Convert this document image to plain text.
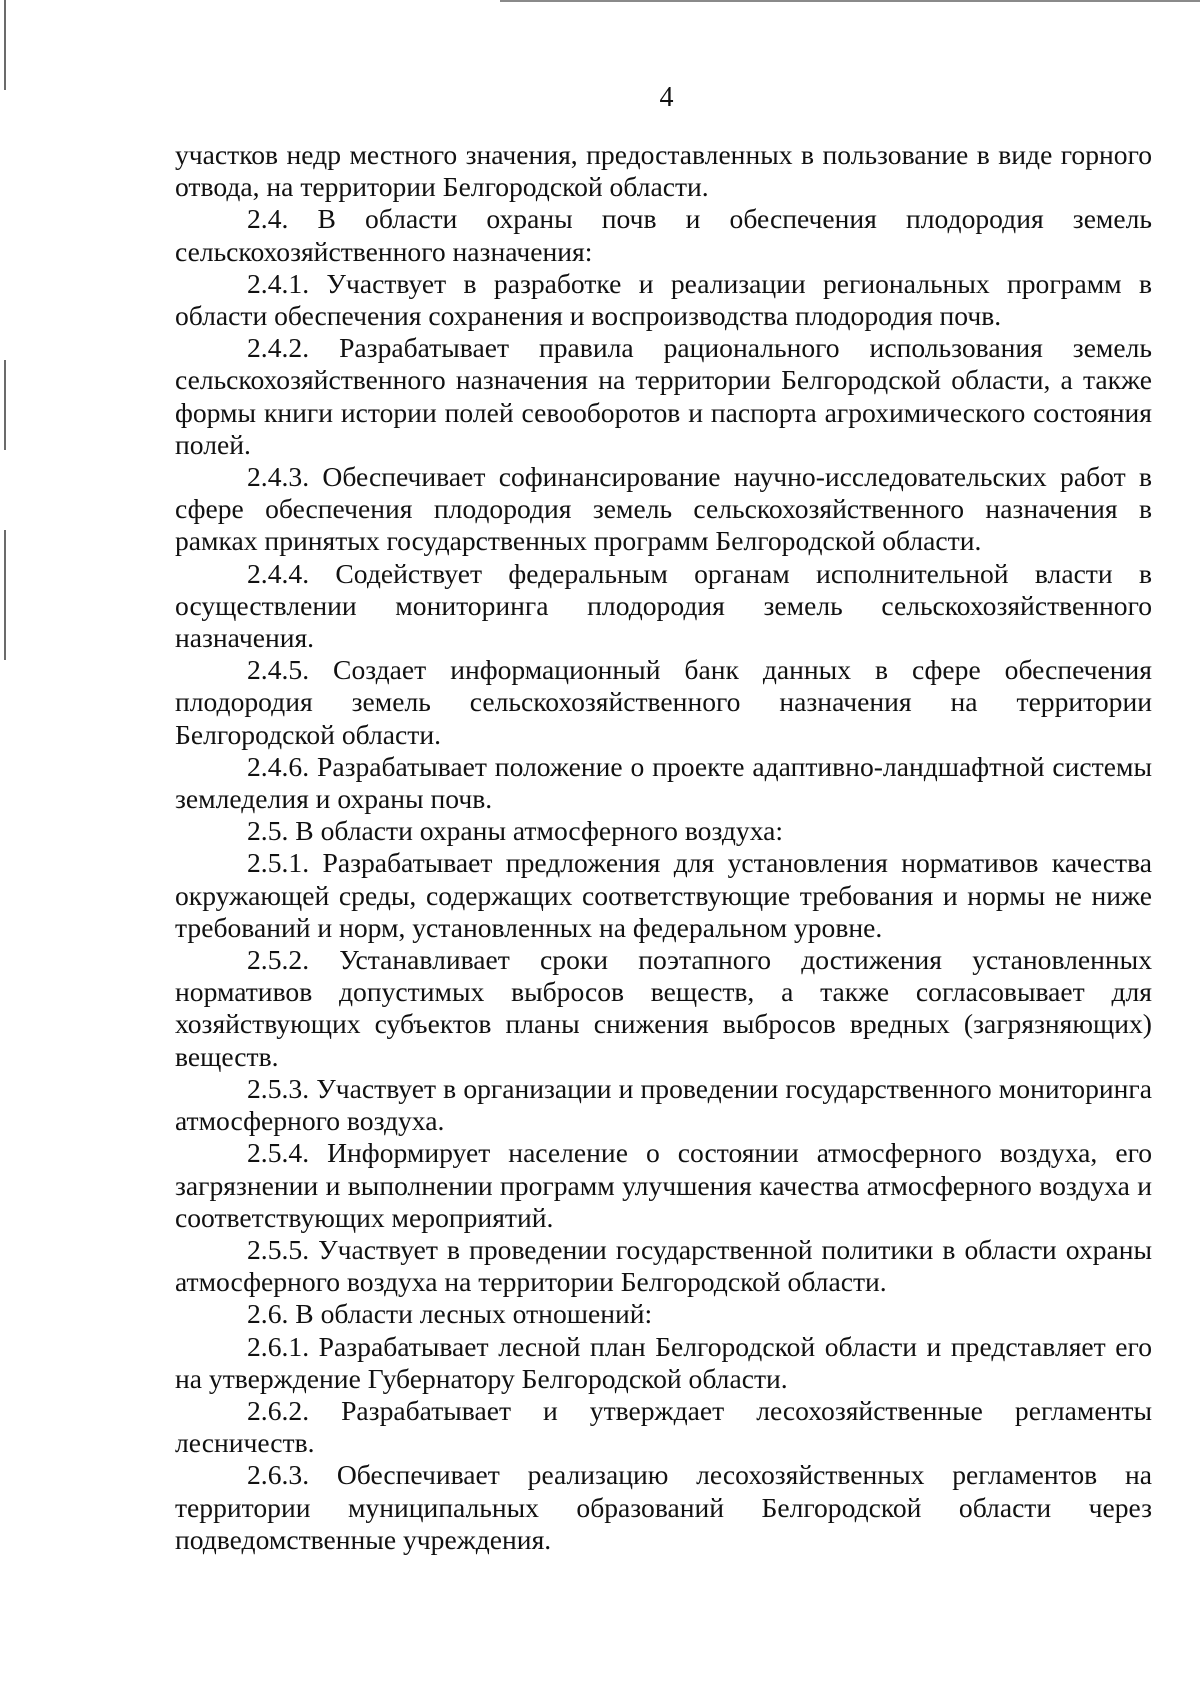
4

участков недр местного значения, предоставленных в пользование в виде горного отвода, на территории Белгородской области.

2.4. В области охраны почв и обеспечения плодородия земель сельскохозяйственного назначения:

2.4.1. Участвует в разработке и реализации региональных программ в области обеспечения сохранения и воспроизводства плодородия почв.

2.4.2. Разрабатывает правила рационального использования земель сельскохозяйственного назначения на территории Белгородской области, а также формы книги истории полей севооборотов и паспорта агрохимического состояния полей.

2.4.3. Обеспечивает софинансирование научно-исследовательских работ в сфере обеспечения плодородия земель сельскохозяйственного назначения в рамках принятых государственных программ Белгородской области.

2.4.4. Содействует федеральным органам исполнительной власти в осуществлении мониторинга плодородия земель сельскохозяйственного назначения.

2.4.5. Создает информационный банк данных в сфере обеспечения плодородия земель сельскохозяйственного назначения на территории Белгородской области.

2.4.6. Разрабатывает положение о проекте адаптивно-ландшафтной системы земледелия и охраны почв.

2.5. В области охраны атмосферного воздуха:

2.5.1. Разрабатывает предложения для установления нормативов качества окружающей среды, содержащих соответствующие требования и нормы не ниже требований и норм, установленных на федеральном уровне.

2.5.2. Устанавливает сроки поэтапного достижения установленных нормативов допустимых выбросов веществ, а также согласовывает для хозяйствующих субъектов планы снижения выбросов вредных (загрязняющих) веществ.

2.5.3. Участвует в организации и проведении государственного мониторинга атмосферного воздуха.

2.5.4. Информирует население о состоянии атмосферного воздуха, его загрязнении и выполнении программ улучшения качества атмосферного воздуха и соответствующих мероприятий.

2.5.5. Участвует в проведении государственной политики в области охраны атмосферного воздуха на территории Белгородской области.

2.6. В области лесных отношений:

2.6.1. Разрабатывает лесной план Белгородской области и представляет его на утверждение Губернатору Белгородской области.

2.6.2. Разрабатывает и утверждает лесохозяйственные регламенты лесничеств.

2.6.3. Обеспечивает реализацию лесохозяйственных регламентов на территории муниципальных образований Белгородской области через подведомственные учреждения.
